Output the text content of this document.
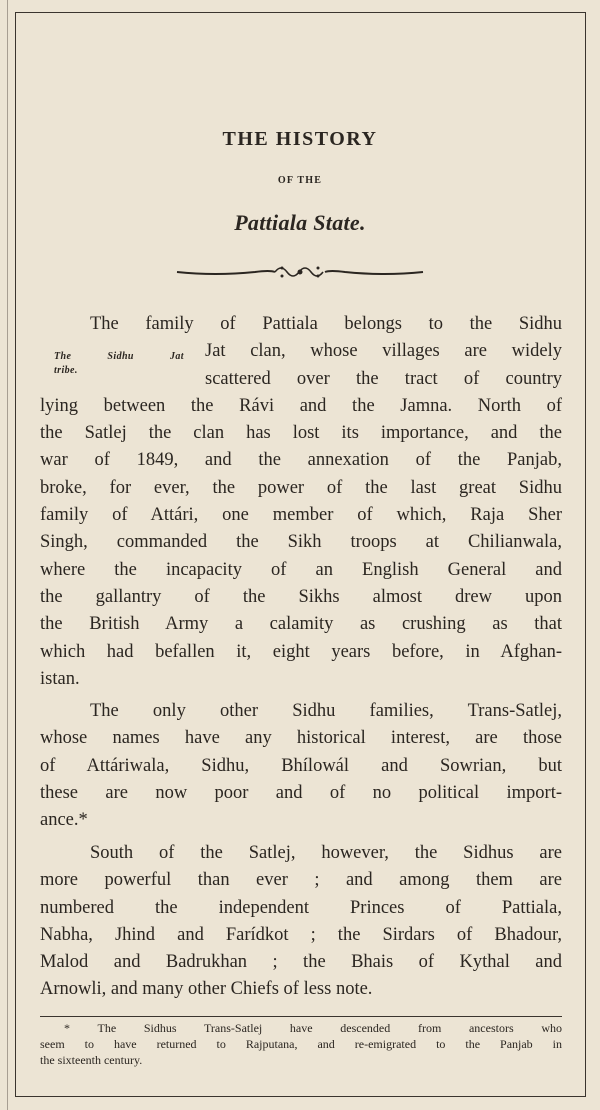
THE HISTORY
OF THE
Pattiala State.
The Sidhu Jat
tribe.
The family of Pattiala belongs to the Sidhu
Jat clan, whose villages are widely
scattered over the tract of country
lying between the Rávi and the Jamna. North of
the Satlej the clan has lost its importance, and the
war of 1849, and the annexation of the Panjab,
broke, for ever, the power of the last great Sidhu
family of Attári, one member of which, Raja Sher
Singh, commanded the Sikh troops at Chilianwala,
where the incapacity of an English General and
the gallantry of the Sikhs almost drew upon
the British Army a calamity as crushing as that
which had befallen it, eight years before, in Afghan-
istan.
The only other Sidhu families, Trans-Satlej,
whose names have any historical interest, are those
of Attáriwala, Sidhu, Bhílowál and Sowrian, but
these are now poor and of no political import-
ance.*
South of the Satlej, however, the Sidhus are
more powerful than ever ; and among them are
numbered the independent Princes of Pattiala,
Nabha, Jhind and Farídkot ; the Sirdars of Bhadour,
Malod and Badrukhan ; the Bhais of Kythal and
Arnowli, and many other Chiefs of less note.
* The Sidhus Trans-Satlej have descended from ancestors who
seem to have returned to Rajputana, and re-emigrated to the Panjab in
the sixteenth century.
